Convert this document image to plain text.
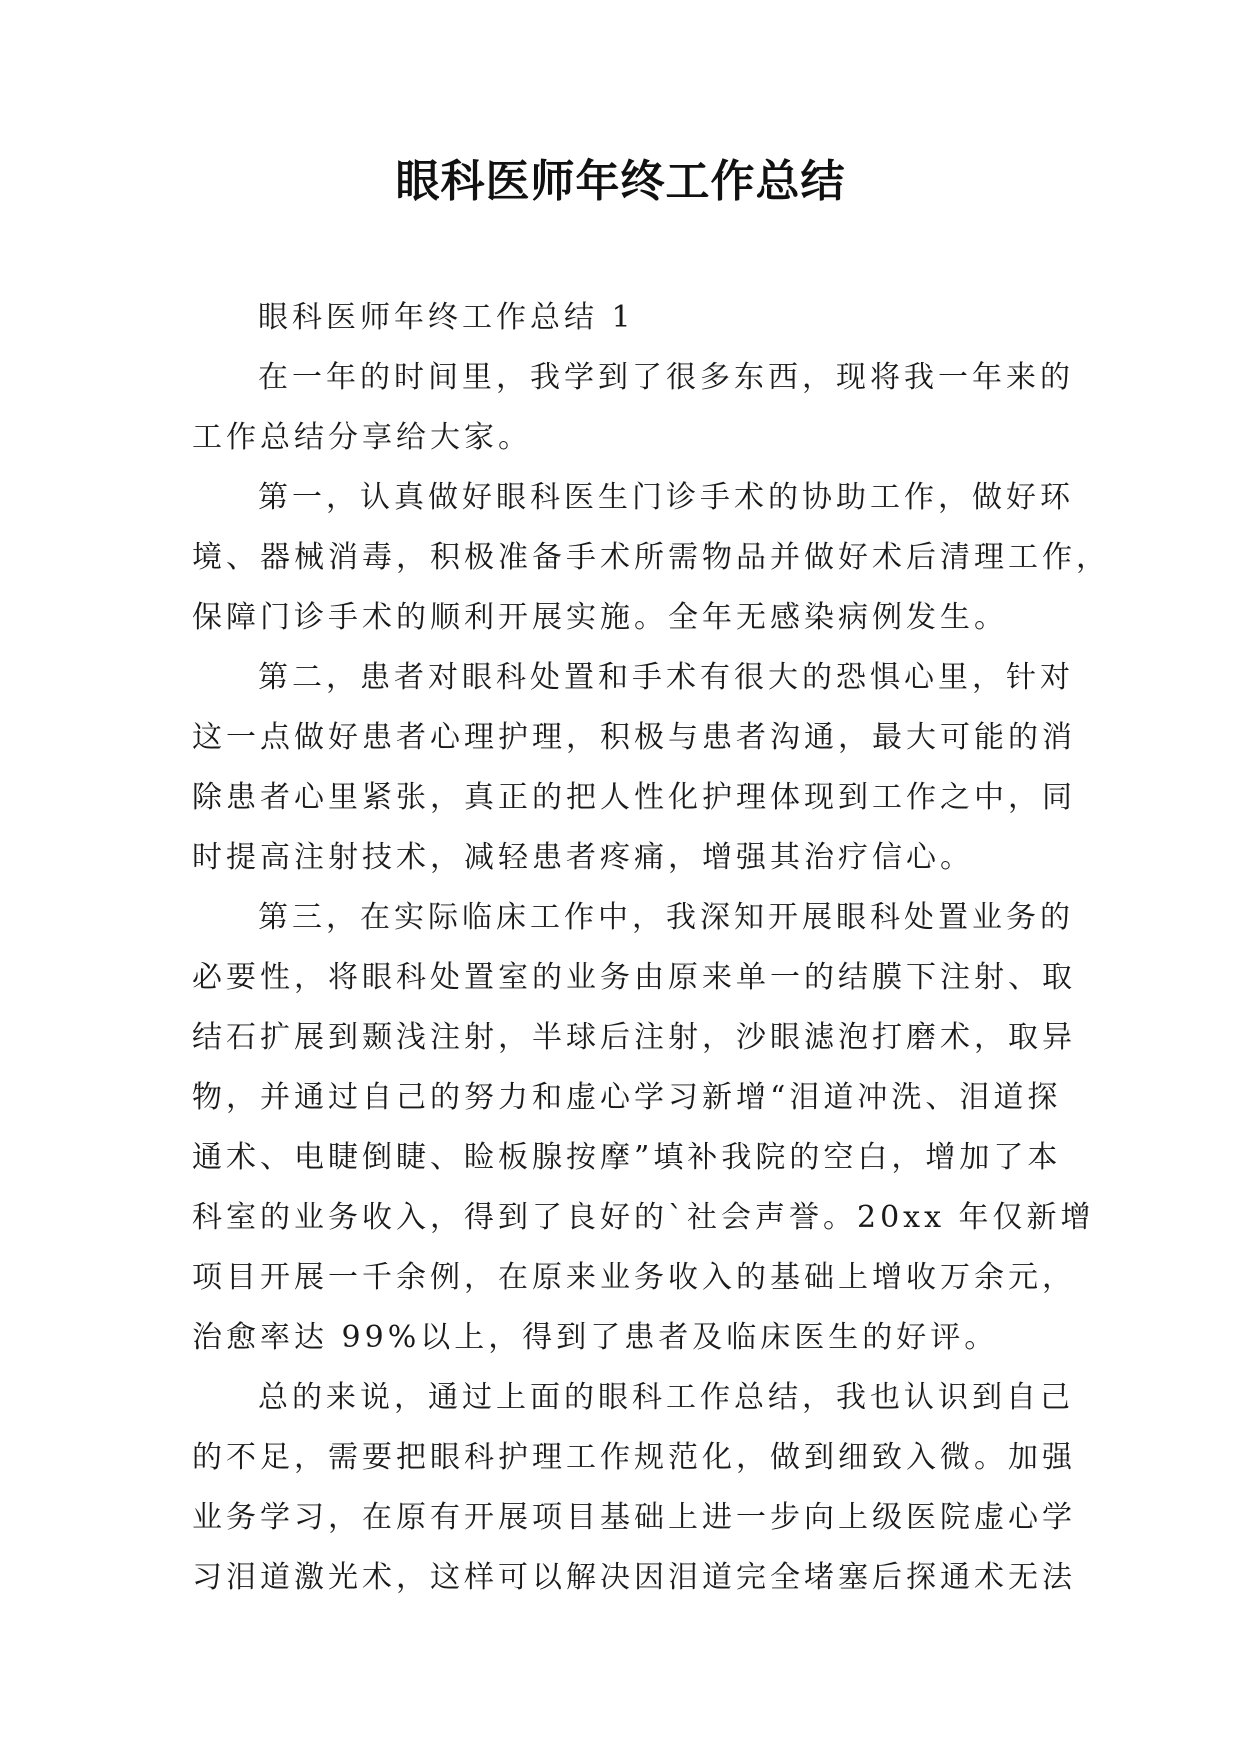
眼科医师年终工作总结
眼科医师年终工作总结 1
在一年的时间里，我学到了很多东西，现将我一年来的
工作总结分享给大家。
第一，认真做好眼科医生门诊手术的协助工作，做好环
境、器械消毒，积极准备手术所需物品并做好术后清理工作，
保障门诊手术的顺利开展实施。全年无感染病例发生。
第二，患者对眼科处置和手术有很大的恐惧心里，针对
这一点做好患者心理护理，积极与患者沟通，最大可能的消
除患者心里紧张，真正的把人性化护理体现到工作之中，同
时提高注射技术，减轻患者疼痛，增强其治疗信心。
第三，在实际临床工作中，我深知开展眼科处置业务的
必要性，将眼科处置室的业务由原来单一的结膜下注射、取
结石扩展到颞浅注射，半球后注射，沙眼滤泡打磨术，取异
物，并通过自己的努力和虚心学习新增“泪道冲洗、泪道探
通术、电睫倒睫、睑板腺按摩”填补我院的空白，增加了本
科室的业务收入，得到了良好的`社会声誉。20xx 年仅新增
项目开展一千余例，在原来业务收入的基础上增收万余元，
治愈率达 99%以上，得到了患者及临床医生的好评。
总的来说，通过上面的眼科工作总结，我也认识到自己
的不足，需要把眼科护理工作规范化，做到细致入微。加强
业务学习，在原有开展项目基础上进一步向上级医院虚心学
习泪道激光术，这样可以解决因泪道完全堵塞后探通术无法
